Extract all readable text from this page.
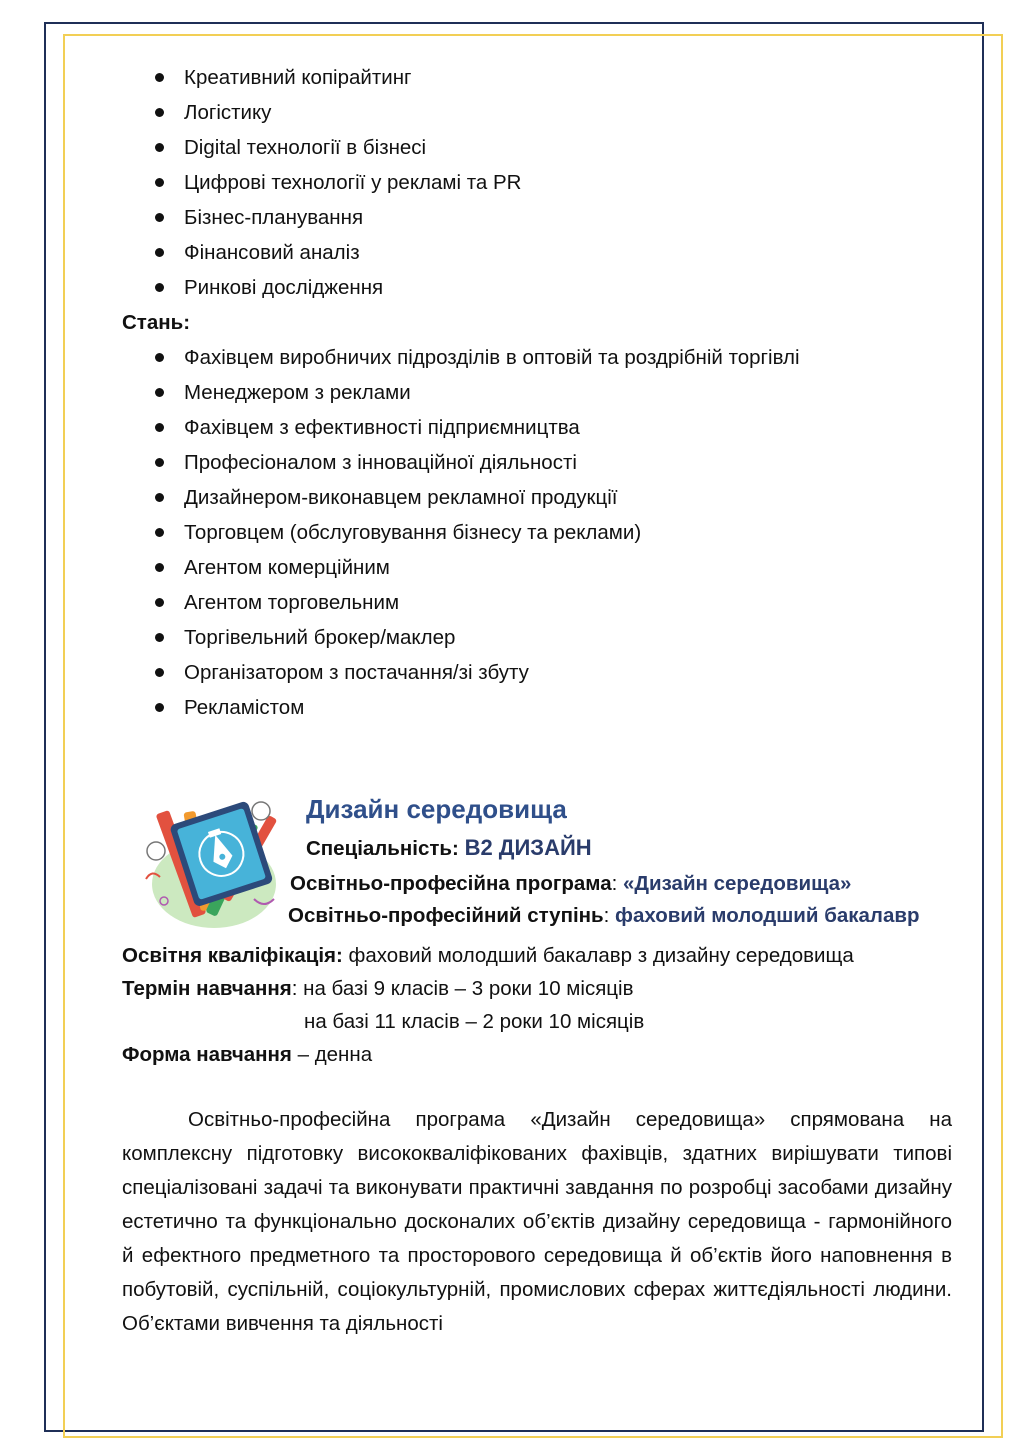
Креативний копірайтинг
Логістику
Digital технології в бізнесі
Цифрові технології у рекламі та PR
Бізнес-планування
Фінансовий аналіз
Ринкові дослідження

Стань:

Фахівцем виробничих підрозділів в оптовій та роздрібній торгівлі
Менеджером з реклами
Фахівцем з ефективності підприємництва
Професіоналом з інноваційної діяльності
Дизайнером-виконавцем рекламної продукції
Торговцем (обслуговування бізнесу та реклами)
Агентом комерційним
Агентом торговельним
Торгівельний брокер/маклер
Організатором з постачання/зі збуту
Рекламістом
Дизайн середовища
Спеціальність: В2 ДИЗАЙН
Освітньо-професійна програма: «Дизайн середовища»
Освітньо-професійний ступінь: фаховий молодший бакалавр
Освітня кваліфікація: фаховий молодший бакалавр з дизайну середовища
Термін навчання: на базі 9 класів – 3 роки 10 місяців
на базі 11 класів – 2 роки 10 місяців
Форма навчання – денна

Освітньо-професійна програма «Дизайн середовища» спрямована на комплексну підготовку висококваліфікованих фахівців, здатних вирішувати типові спеціалізовані задачі та виконувати практичні завдання по розробці засобами дизайну естетично та функціонально досконалих об’єктів дизайну середовища - гармонійного й ефектного предметного та просторового середовища й об’єктів його наповнення в побутовій, суспільній, соціокультурній, промислових сферах життєдіяльності людини. Об’єктами вивчення та діяльності
